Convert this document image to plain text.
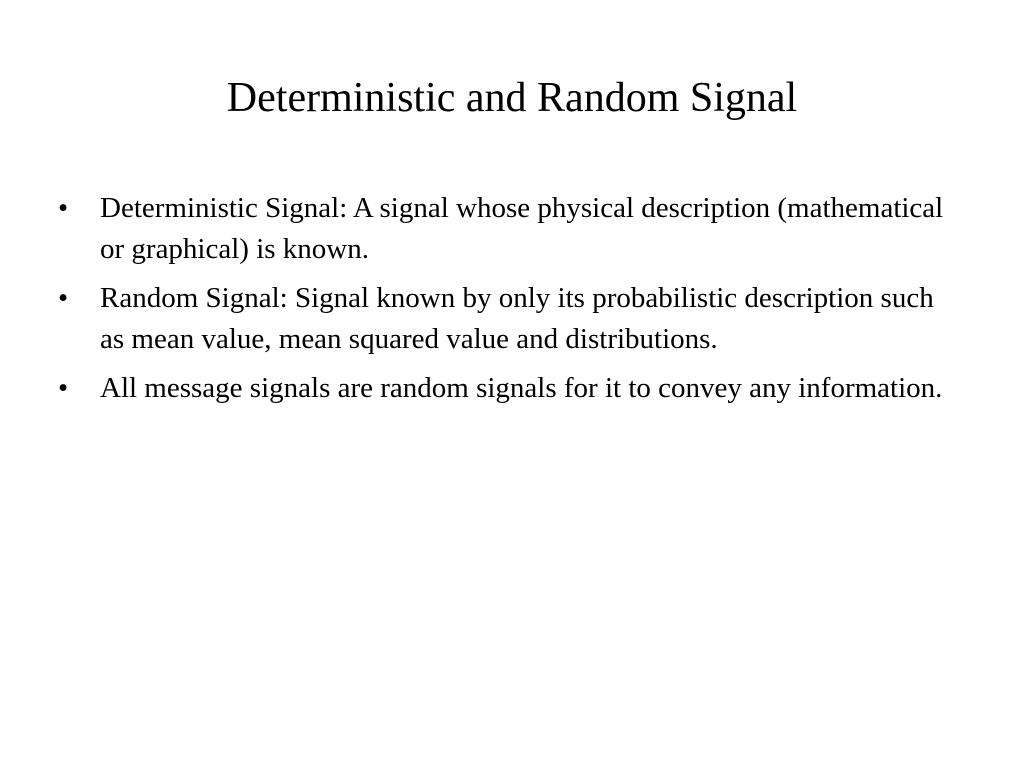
Deterministic and Random Signal
•	Deterministic Signal: A signal whose physical description (mathematical or graphical) is known.
•	Random Signal: Signal known by only its probabilistic description such as mean value, mean squared value and distributions.
•	All message signals are random signals for it to convey any information.
